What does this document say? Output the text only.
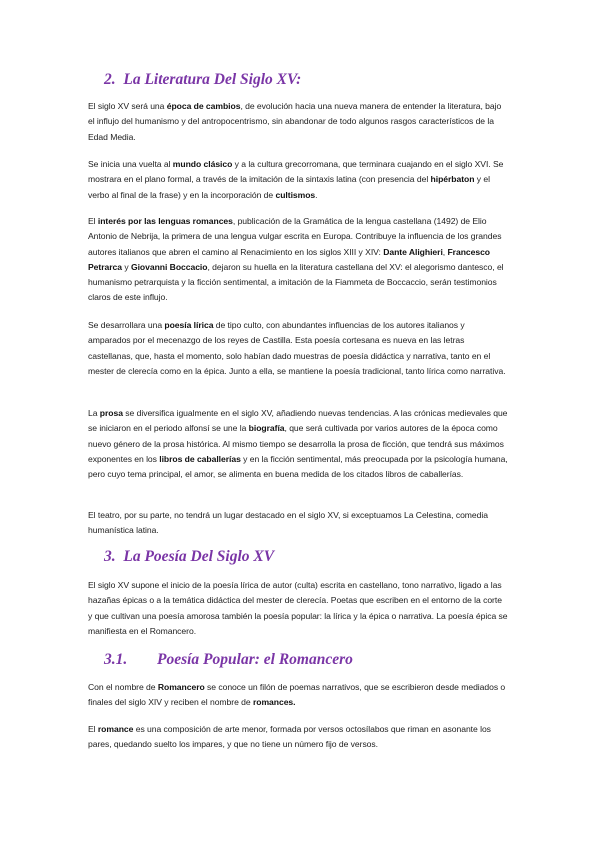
2. La Literatura Del Siglo XV:

El siglo XV será una época de cambios, de evolución hacia una nueva manera de entender la literatura, bajo el influjo del humanismo y del antropocentrismo, sin abandonar de todo algunos rasgos característicos de la Edad Media.

Se inicia una vuelta al mundo clásico y a la cultura grecorromana, que terminara cuajando en el siglo XVI. Se mostrara en el plano formal, a través de la imitación de la sintaxis latina (con presencia del hipérbaton y el verbo al final de la frase) y en la incorporación de cultismos.

El interés por las lenguas romances, publicación de la Gramática de la lengua castellana (1492) de Elio Antonio de Nebrija, la primera de una lengua vulgar escrita en Europa. Contribuye la influencia de los grandes autores italianos que abren el camino al Renacimiento en los siglos XIII y XIV: Dante Alighieri, Francesco Petrarca y Giovanni Boccacio, dejaron su huella en la literatura castellana del XV: el alegorismo dantesco, el humanismo petrarquista y la ficción sentimental, a imitación de la Fiammeta de Boccaccio, serán testimonios claros de este influjo.

Se desarrollara una poesía lírica de tipo culto, con abundantes influencias de los autores italianos y amparados por el mecenazgo de los reyes de Castilla. Esta poesía cortesana es nueva en las letras castellanas, que, hasta el momento, solo habían dado muestras de poesía didáctica y narrativa, tanto en el mester de clerecía como en la épica. Junto a ella, se mantiene la poesía tradicional, tanto lírica como narrativa.

La prosa se diversifica igualmente en el siglo XV, añadiendo nuevas tendencias. A las crónicas medievales que se iniciaron en el periodo alfonsí se une la biografía, que será cultivada por varios autores de la época como nuevo género de la prosa histórica. Al mismo tiempo se desarrolla la prosa de ficción, que tendrá sus máximos exponentes en los libros de caballerías y en la ficción sentimental, más preocupada por la psicología humana, pero cuyo tema principal, el amor, se alimenta en buena medida de los citados libros de caballerías.

El teatro, por su parte, no tendrá un lugar destacado en el siglo XV, si exceptuamos La Celestina, comedia humanística latina.

3. La Poesía Del Siglo XV

El siglo XV supone el inicio de la poesía lírica de autor (culta) escrita en castellano, tono narrativo, ligado a las hazañas épicas o a la temática didáctica del mester de clerecía. Poetas que escriben en el entorno de la corte y que cultivan una poesía amorosa también la poesía popular: la lírica y la épica o narrativa. La poesía épica se manifiesta en el Romancero.

3.1. Poesía Popular: el Romancero

Con el nombre de Romancero se conoce un filón de poemas narrativos, que se escribieron desde mediados o finales del siglo XIV y reciben el nombre de romances.

El romance es una composición de arte menor, formada por versos octosílabos que riman en asonante los pares, quedando suelto los impares, y que no tiene un número fijo de versos.
